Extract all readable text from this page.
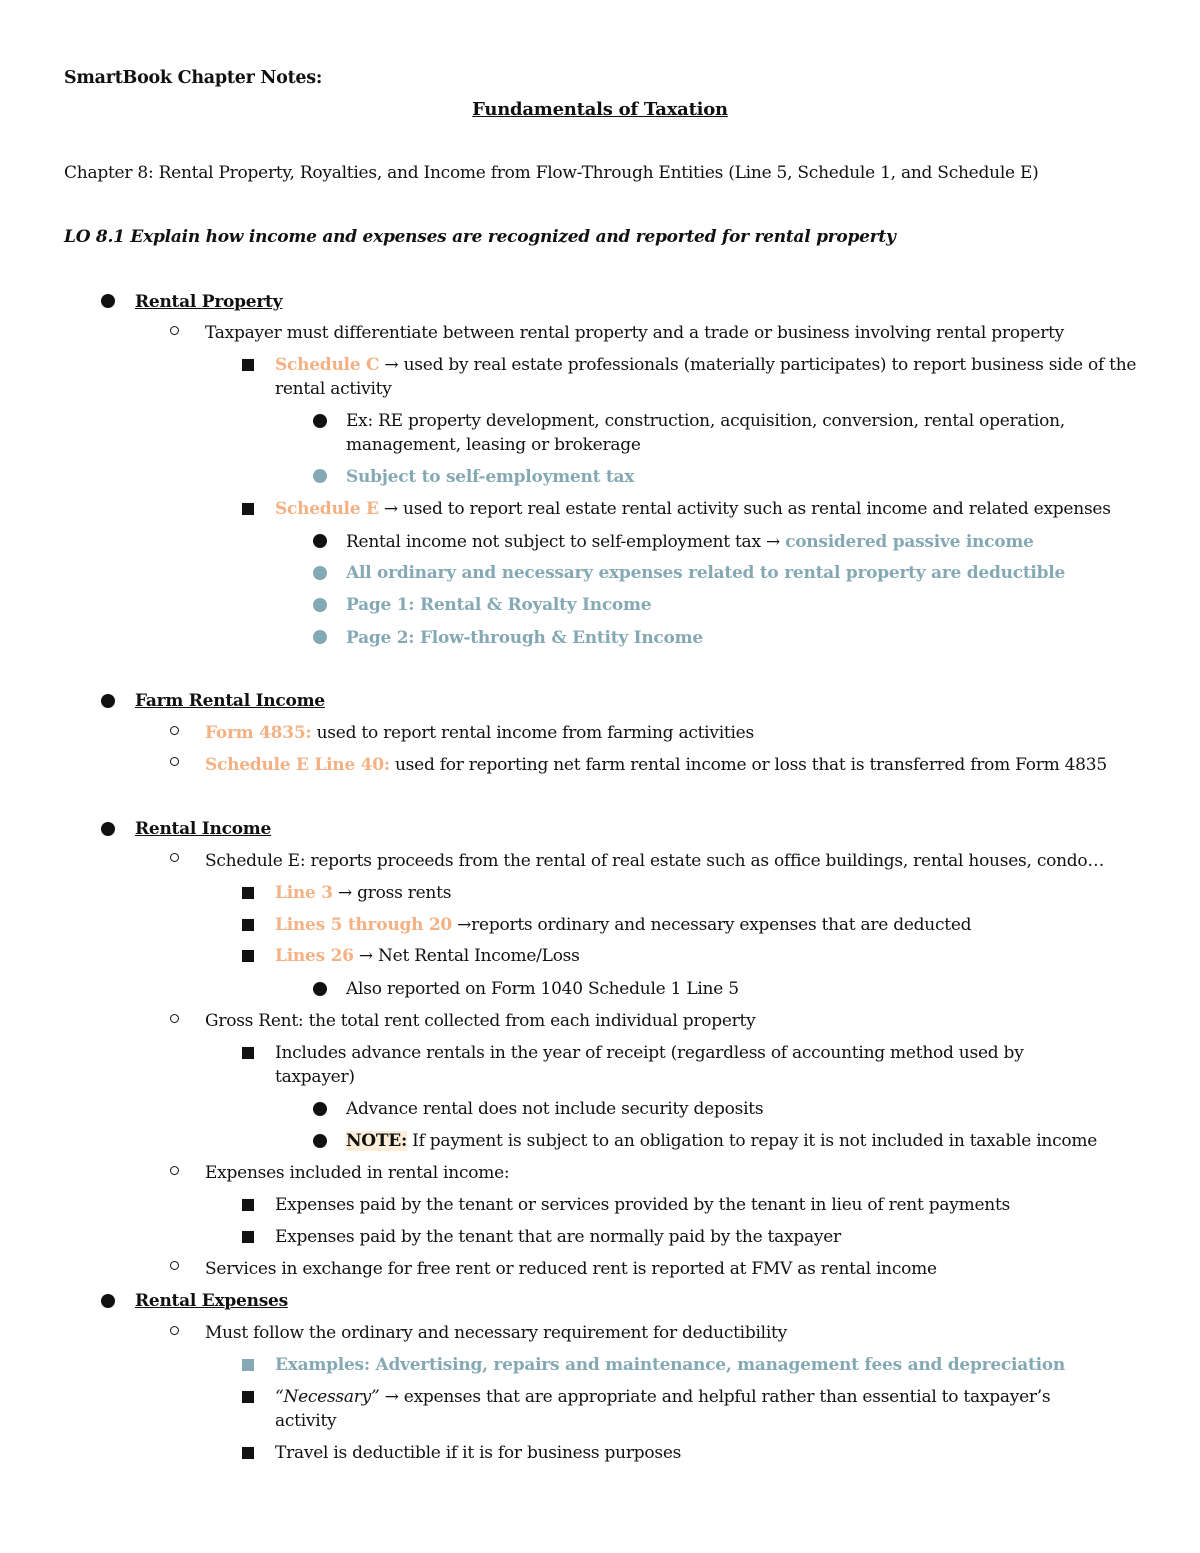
SmartBook Chapter Notes:
Fundamentals of Taxation
Chapter 8: Rental Property, Royalties, and Income from Flow-Through Entities (Line 5, Schedule 1, and Schedule E)
LO 8.1 Explain how income and expenses are recognized and reported for rental property
Rental Property
Taxpayer must differentiate between rental property and a trade or business involving rental property
Schedule C → used by real estate professionals (materially participates) to report business side of the rental activity
Ex: RE property development, construction, acquisition, conversion, rental operation, management, leasing or brokerage
Subject to self-employment tax
Schedule E → used to report real estate rental activity such as rental income and related expenses
Rental income not subject to self-employment tax → considered passive income
All ordinary and necessary expenses related to rental property are deductible
Page 1: Rental & Royalty Income
Page 2: Flow-through & Entity Income
Farm Rental Income
Form 4835: used to report rental income from farming activities
Schedule E Line 40: used for reporting net farm rental income or loss that is transferred from Form 4835
Rental Income
Schedule E: reports proceeds from the rental of real estate such as office buildings, rental houses, condo…
Line 3 → gross rents
Lines 5 through 20 →reports ordinary and necessary expenses that are deducted
Lines 26 → Net Rental Income/Loss
Also reported on Form 1040 Schedule 1 Line 5
Gross Rent: the total rent collected from each individual property
Includes advance rentals in the year of receipt (regardless of accounting method used by taxpayer)
Advance rental does not include security deposits
NOTE: If payment is subject to an obligation to repay it is not included in taxable income
Expenses included in rental income:
Expenses paid by the tenant or services provided by the tenant in lieu of rent payments
Expenses paid by the tenant that are normally paid by the taxpayer
Services in exchange for free rent or reduced rent is reported at FMV as rental income
Rental Expenses
Must follow the ordinary and necessary requirement for deductibility
Examples: Advertising, repairs and maintenance, management fees and depreciation
“Necessary” → expenses that are appropriate and helpful rather than essential to taxpayer’s activity
Travel is deductible if it is for business purposes
